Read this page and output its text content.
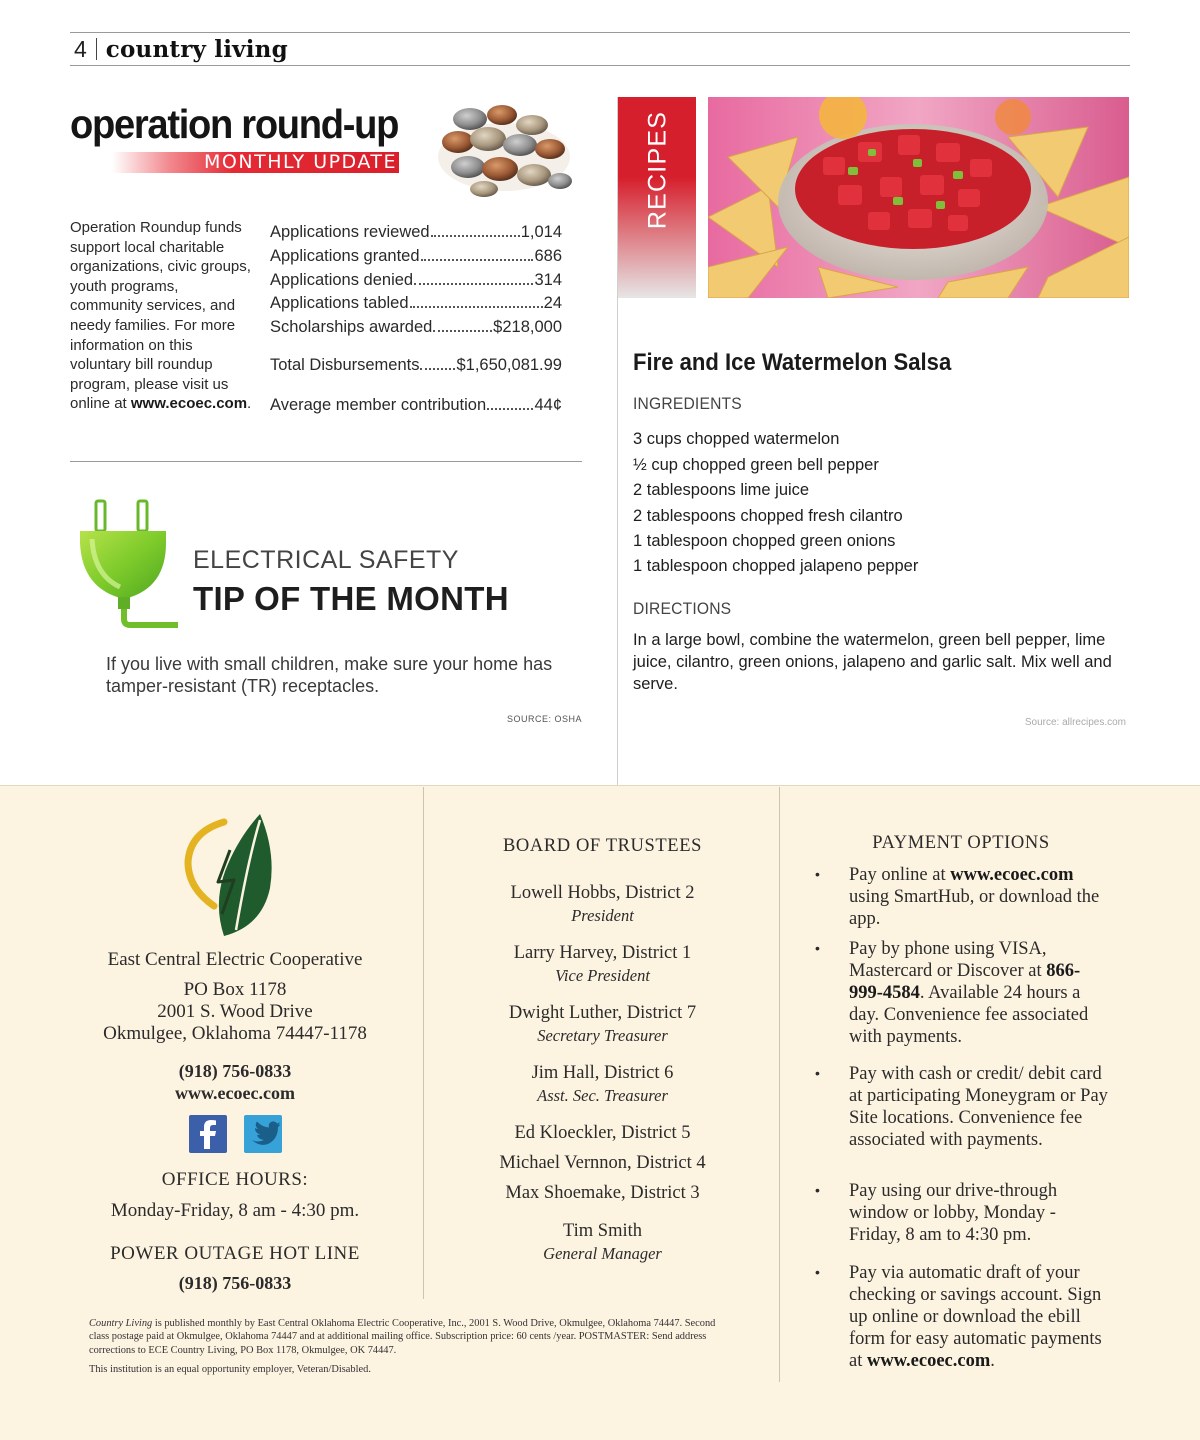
4 country living
operation round-up
MONTHLY UPDATE
Operation Roundup funds support local charitable organizations, civic groups, youth programs, community services, and needy families. For more information on this voluntary bill roundup program, please visit us online at www.ecoec.com.
Applications reviewed	1,014
Applications granted	686
Applications denied	314
Applications tabled	24
Scholarships awarded	$218,000
Total Disbursements $1,650,081.99
Average member contribution	44¢
ELECTRICAL SAFETY
TIP OF THE MONTH
If you live with small children, make sure your home has tamper-resistant (TR) receptacles.
SOURCE: OSHA
RECIPES
Fire and Ice Watermelon Salsa
INGREDIENTS
3 cups chopped watermelon
½ cup chopped green bell pepper
2 tablespoons lime juice
2 tablespoons chopped fresh cilantro
1 tablespoon chopped green onions
1 tablespoon chopped jalapeno pepper
DIRECTIONS
In a large bowl, combine the watermelon, green bell pepper, lime juice, cilantro, green onions, jalapeno and garlic salt. Mix well and serve.
Source: allrecipes.com
East Central Electric Cooperative
PO Box 1178
2001 S. Wood Drive
Okmulgee, Oklahoma 74447-1178
(918) 756-0833
www.ecoec.com
OFFICE HOURS:
Monday-Friday, 8 am - 4:30 pm.
POWER OUTAGE HOT LINE
(918) 756-0833
BOARD OF TRUSTEES
Lowell Hobbs, District 2
President
Larry Harvey, District 1
Vice President
Dwight Luther, District 7
Secretary Treasurer
Jim Hall, District 6
Asst. Sec. Treasurer
Ed Kloeckler, District 5
Michael Vernnon, District 4
Max Shoemake, District 3
Tim Smith
General Manager
PAYMENT OPTIONS
• Pay online at www.ecoec.com using SmartHub, or download the app.
• Pay by phone using VISA, Mastercard or Discover at 866-999-4584. Available 24 hours a day. Convenience fee associated with payments.
• Pay with cash or credit/ debit card at participating Moneygram or Pay Site locations. Convenience fee associated with payments.
• Pay using our drive-through window or lobby, Monday - Friday, 8 am to 4:30 pm.
• Pay via automatic draft of your checking or savings account. Sign up online or download the ebill form for easy automatic payments at www.ecoec.com.
Country Living is published monthly by East Central Oklahoma Electric Cooperative, Inc., 2001 S. Wood Drive, Okmulgee, Oklahoma 74447. Second class postage paid at Okmulgee, Oklahoma 74447 and at additional mailing office. Subscription price: 60 cents /year. POSTMASTER: Send address corrections to ECE Country Living, PO Box 1178, Okmulgee, OK 74447.
This institution is an equal opportunity employer, Veteran/Disabled.
